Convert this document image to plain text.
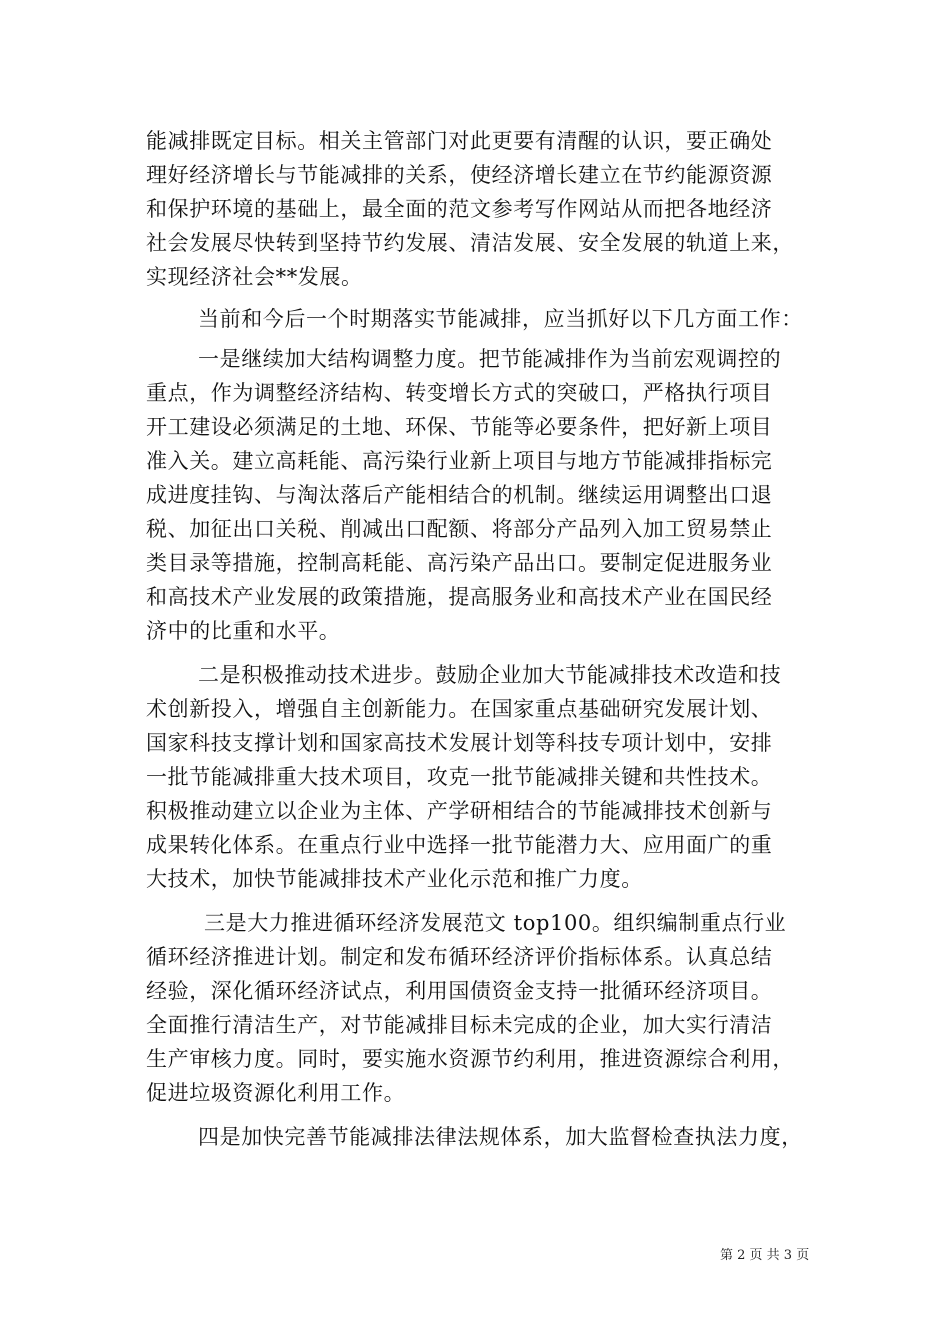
能减排既定目标。相关主管部门对此更要有清醒的认识，要正确处
理好经济增长与节能减排的关系，使经济增长建立在节约能源资源
和保护环境的基础上，最全面的范文参考写作网站从而把各地经济
社会发展尽快转到坚持节约发展、清洁发展、安全发展的轨道上来，
实现经济社会**发展。
当前和今后一个时期落实节能减排，应当抓好以下几方面工作：
一是继续加大结构调整力度。把节能减排作为当前宏观调控的
重点，作为调整经济结构、转变增长方式的突破口，严格执行项目
开工建设必须满足的土地、环保、节能等必要条件，把好新上项目
准入关。建立高耗能、高污染行业新上项目与地方节能减排指标完
成进度挂钩、与淘汰落后产能相结合的机制。继续运用调整出口退
税、加征出口关税、削减出口配额、将部分产品列入加工贸易禁止
类目录等措施，控制高耗能、高污染产品出口。要制定促进服务业
和高技术产业发展的政策措施，提高服务业和高技术产业在国民经
济中的比重和水平。
二是积极推动技术进步。鼓励企业加大节能减排技术改造和技
术创新投入，增强自主创新能力。在国家重点基础研究发展计划、
国家科技支撑计划和国家高技术发展计划等科技专项计划中，安排
一批节能减排重大技术项目，攻克一批节能减排关键和共性技术。
积极推动建立以企业为主体、产学研相结合的节能减排技术创新与
成果转化体系。在重点行业中选择一批节能潜力大、应用面广的重
大技术，加快节能减排技术产业化示范和推广力度。
三是大力推进循环经济发展范文 top100。组织编制重点行业
循环经济推进计划。制定和发布循环经济评价指标体系。认真总结
经验，深化循环经济试点，利用国债资金支持一批循环经济项目。
全面推行清洁生产，对节能减排目标未完成的企业，加大实行清洁
生产审核力度。同时，要实施水资源节约利用，推进资源综合利用，
促进垃圾资源化利用工作。
四是加快完善节能减排法律法规体系，加大监督检查执法力度，
第 2 页 共 3 页
